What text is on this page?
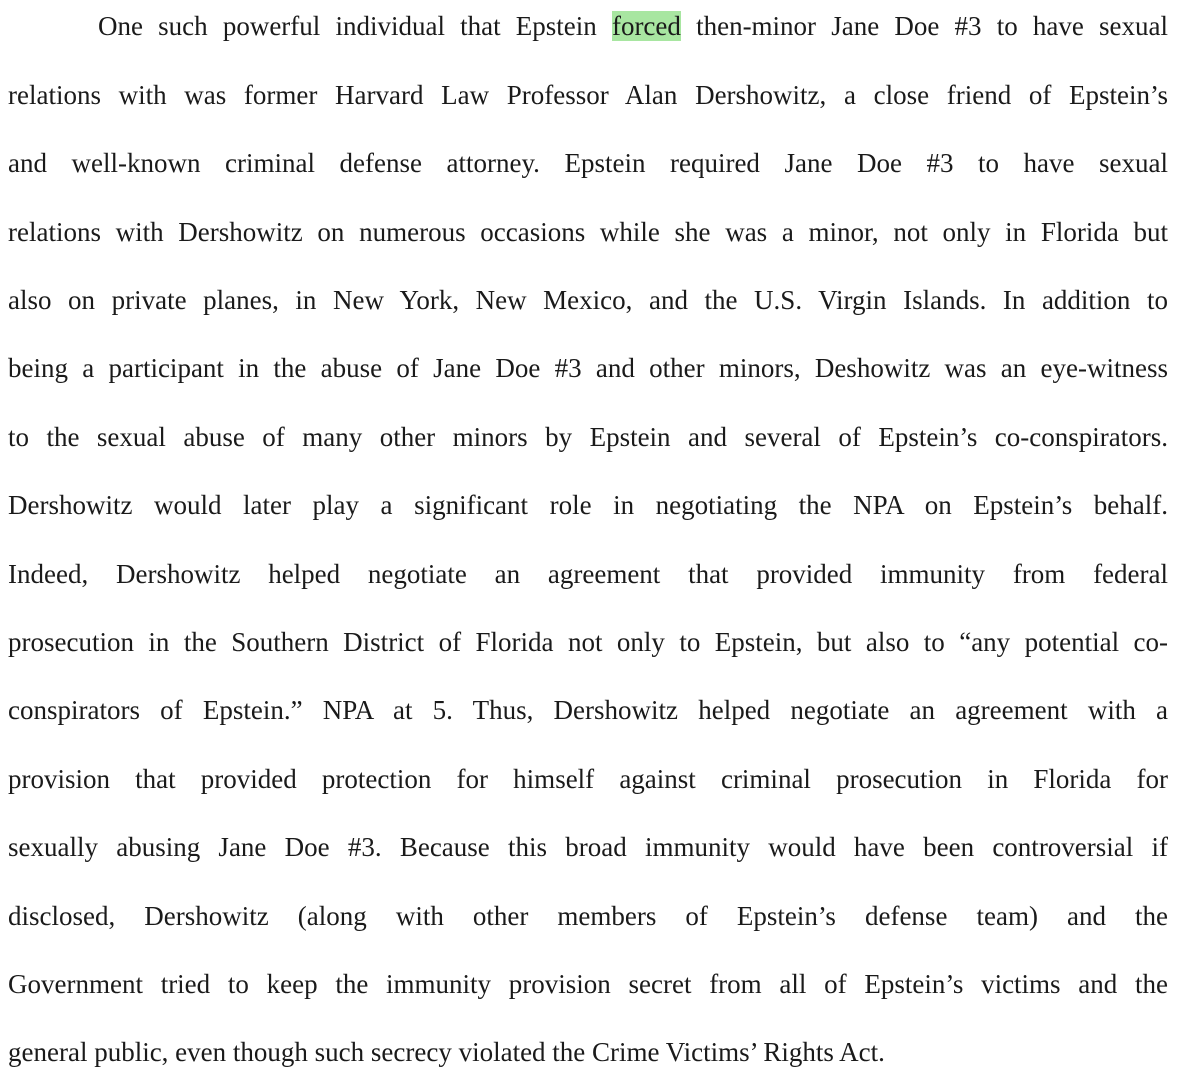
One such powerful individual that Epstein forced then-minor Jane Doe #3 to have sexual
relations with was former Harvard Law Professor Alan Dershowitz, a close friend of Epstein’s
and well-known criminal defense attorney. Epstein required Jane Doe #3 to have sexual
relations with Dershowitz on numerous occasions while she was a minor, not only in Florida but
also on private planes, in New York, New Mexico, and the U.S. Virgin Islands. In addition to
being a participant in the abuse of Jane Doe #3 and other minors, Deshowitz was an eye-witness
to the sexual abuse of many other minors by Epstein and several of Epstein’s co-conspirators.
Dershowitz would later play a significant role in negotiating the NPA on Epstein’s behalf.
Indeed, Dershowitz helped negotiate an agreement that provided immunity from federal
prosecution in the Southern District of Florida not only to Epstein, but also to “any potential co-
conspirators of Epstein.” NPA at 5. Thus, Dershowitz helped negotiate an agreement with a
provision that provided protection for himself against criminal prosecution in Florida for
sexually abusing Jane Doe #3. Because this broad immunity would have been controversial if
disclosed, Dershowitz (along with other members of Epstein’s defense team) and the
Government tried to keep the immunity provision secret from all of Epstein’s victims and the
general public, even though such secrecy violated the Crime Victims’ Rights Act.
